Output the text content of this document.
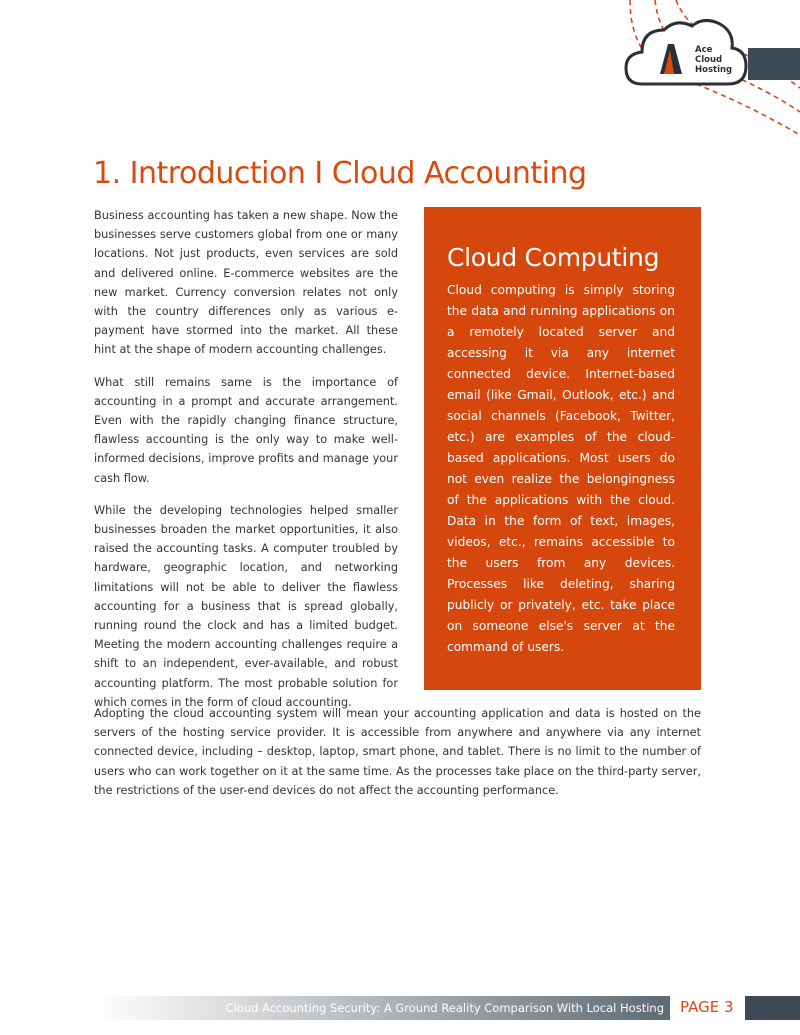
Ace
Cloud
Hosting
1. Introduction I Cloud Accounting

Business accounting has taken a new shape. Now the businesses serve customers global from one or many locations. Not just products, even services are sold and delivered online. E-commerce websites are the new market. Currency conversion relates not only with the country differences only as various e-payment have stormed into the market. All these hint at the shape of modern accounting challenges.

What still remains same is the importance of accounting in a prompt and accurate arrangement. Even with the rapidly changing finance structure, flawless accounting is the only way to make well-informed decisions, improve profits and manage your cash flow.

While the developing technologies helped smaller businesses broaden the market opportunities, it also raised the accounting tasks. A computer troubled by hardware, geographic location, and networking limitations will not be able to deliver the flawless accounting for a business that is spread globally, running round the clock and has a limited budget. Meeting the modern accounting challenges require a shift to an independent, ever-available, and robust accounting platform. The most probable solution for which comes in the form of cloud accounting.

Cloud Computing

Cloud computing is simply storing the data and running applications on a remotely located server and accessing it via any internet connected device. Internet-based email (like Gmail, Outlook, etc.) and social channels (Facebook, Twitter, etc.) are examples of the cloud-based applications. Most users do not even realize the belongingness of the applications with the cloud. Data in the form of text, images, videos, etc., remains accessible to the users from any devices. Processes like deleting, sharing publicly or privately, etc. take place on someone else's server at the command of users.

Adopting the cloud accounting system will mean your accounting application and data is hosted on the servers of the hosting service provider. It is accessible from anywhere and anywhere via any internet connected device, including – desktop, laptop, smart phone, and tablet. There is no limit to the number of users who can work together on it at the same time. As the processes take place on the third-party server, the restrictions of the user-end devices do not affect the accounting performance.

Cloud Accounting Security: A Ground Reality Comparison With Local Hosting PAGE 3
